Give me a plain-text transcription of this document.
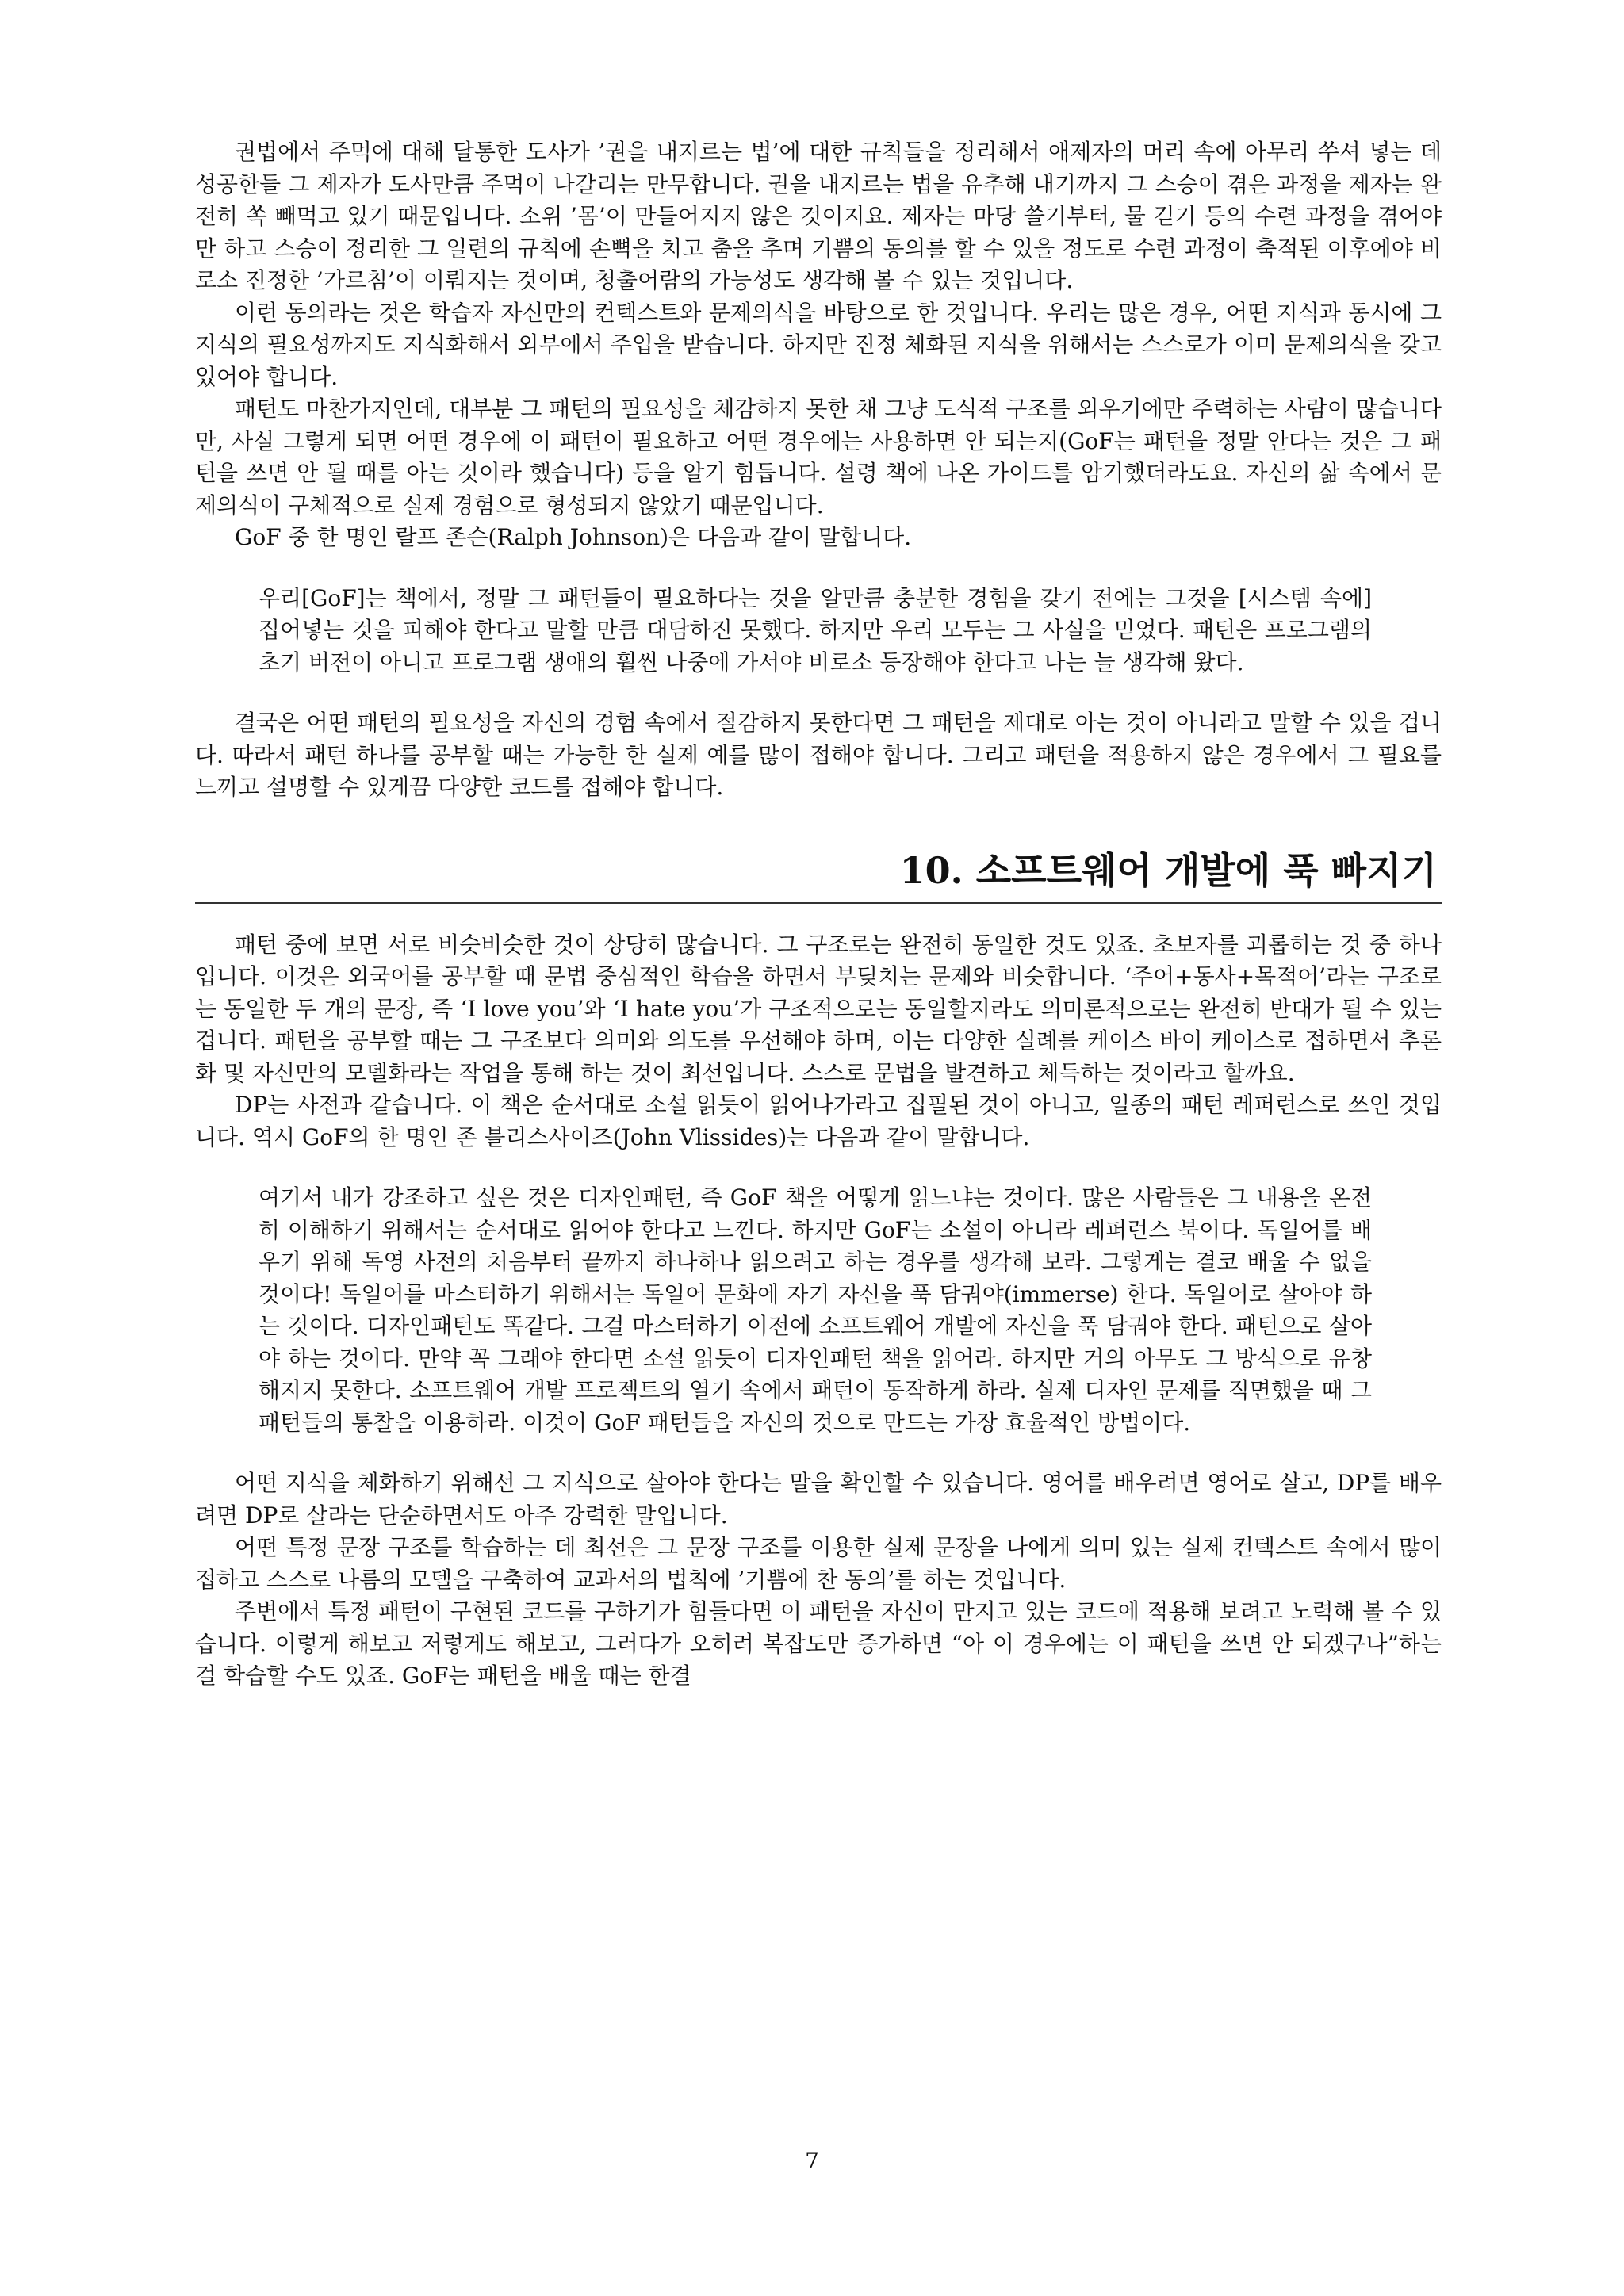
권법에서 주먹에 대해 달통한 도사가 ’권을 내지르는 법’에 대한 규칙들을 정리해서 애제자의 머리 속에 아무리 쑤셔 넣는 데 성공한들 그 제자가 도사만큼 주먹이 나갈리는 만무합니다. 권을 내지르는 법을 유추해 내기까지 그 스승이 겪은 과정을 제자는 완전히 쏙 빼먹고 있기 때문입니다. 소위 ’몸’이 만들어지지 않은 것이지요. 제자는 마당 쓸기부터, 물 긷기 등의 수련 과정을 겪어야만 하고 스승이 정리한 그 일련의 규칙에 손뼉을 치고 춤을 추며 기쁨의 동의를 할 수 있을 정도로 수련 과정이 축적된 이후에야 비로소 진정한 ’가르침’이 이뤄지는 것이며, 청출어람의 가능성도 생각해 볼 수 있는 것입니다.

이런 동의라는 것은 학습자 자신만의 컨텍스트와 문제의식을 바탕으로 한 것입니다. 우리는 많은 경우, 어떤 지식과 동시에 그 지식의 필요성까지도 지식화해서 외부에서 주입을 받습니다. 하지만 진정 체화된 지식을 위해서는 스스로가 이미 문제의식을 갖고 있어야 합니다.

패턴도 마찬가지인데, 대부분 그 패턴의 필요성을 체감하지 못한 채 그냥 도식적 구조를 외우기에만 주력하는 사람이 많습니다만, 사실 그렇게 되면 어떤 경우에 이 패턴이 필요하고 어떤 경우에는 사용하면 안 되는지(GoF는 패턴을 정말 안다는 것은 그 패턴을 쓰면 안 될 때를 아는 것이라 했습니다) 등을 알기 힘듭니다. 설령 책에 나온 가이드를 암기했더라도요. 자신의 삶 속에서 문제의식이 구체적으로 실제 경험으로 형성되지 않았기 때문입니다.

GoF 중 한 명인 랄프 존슨(Ralph Johnson)은 다음과 같이 말합니다.

우리[GoF]는 책에서, 정말 그 패턴들이 필요하다는 것을 알만큼 충분한 경험을 갖기 전에는 그것을 [시스템 속에] 집어넣는 것을 피해야 한다고 말할 만큼 대담하진 못했다. 하지만 우리 모두는 그 사실을 믿었다. 패턴은 프로그램의 초기 버전이 아니고 프로그램 생애의 훨씬 나중에 가서야 비로소 등장해야 한다고 나는 늘 생각해 왔다.

결국은 어떤 패턴의 필요성을 자신의 경험 속에서 절감하지 못한다면 그 패턴을 제대로 아는 것이 아니라고 말할 수 있을 겁니다. 따라서 패턴 하나를 공부할 때는 가능한 한 실제 예를 많이 접해야 합니다. 그리고 패턴을 적용하지 않은 경우에서 그 필요를 느끼고 설명할 수 있게끔 다양한 코드를 접해야 합니다.

10. 소프트웨어 개발에 푹 빠지기

패턴 중에 보면 서로 비슷비슷한 것이 상당히 많습니다. 그 구조로는 완전히 동일한 것도 있죠. 초보자를 괴롭히는 것 중 하나입니다. 이것은 외국어를 공부할 때 문법 중심적인 학습을 하면서 부딪치는 문제와 비슷합니다. ‘주어+동사+목적어’라는 구조로는 동일한 두 개의 문장, 즉 ‘I love you’와 ‘I hate you’가 구조적으로는 동일할지라도 의미론적으로는 완전히 반대가 될 수 있는 겁니다. 패턴을 공부할 때는 그 구조보다 의미와 의도를 우선해야 하며, 이는 다양한 실례를 케이스 바이 케이스로 접하면서 추론화 및 자신만의 모델화라는 작업을 통해 하는 것이 최선입니다. 스스로 문법을 발견하고 체득하는 것이라고 할까요.

DP는 사전과 같습니다. 이 책은 순서대로 소설 읽듯이 읽어나가라고 집필된 것이 아니고, 일종의 패턴 레퍼런스로 쓰인 것입니다. 역시 GoF의 한 명인 존 블리스사이즈(John Vlissides)는 다음과 같이 말합니다.

여기서 내가 강조하고 싶은 것은 디자인패턴, 즉 GoF 책을 어떻게 읽느냐는 것이다. 많은 사람들은 그 내용을 온전히 이해하기 위해서는 순서대로 읽어야 한다고 느낀다. 하지만 GoF는 소설이 아니라 레퍼런스 북이다. 독일어를 배우기 위해 독영 사전의 처음부터 끝까지 하나하나 읽으려고 하는 경우를 생각해 보라. 그렇게는 결코 배울 수 없을 것이다! 독일어를 마스터하기 위해서는 독일어 문화에 자기 자신을 푹 담궈야(immerse) 한다. 독일어로 살아야 하는 것이다. 디자인패턴도 똑같다. 그걸 마스터하기 이전에 소프트웨어 개발에 자신을 푹 담궈야 한다. 패턴으로 살아야 하는 것이다. 만약 꼭 그래야 한다면 소설 읽듯이 디자인패턴 책을 읽어라. 하지만 거의 아무도 그 방식으로 유창해지지 못한다. 소프트웨어 개발 프로젝트의 열기 속에서 패턴이 동작하게 하라. 실제 디자인 문제를 직면했을 때 그 패턴들의 통찰을 이용하라. 이것이 GoF 패턴들을 자신의 것으로 만드는 가장 효율적인 방법이다.

어떤 지식을 체화하기 위해선 그 지식으로 살아야 한다는 말을 확인할 수 있습니다. 영어를 배우려면 영어로 살고, DP를 배우려면 DP로 살라는 단순하면서도 아주 강력한 말입니다.

어떤 특정 문장 구조를 학습하는 데 최선은 그 문장 구조를 이용한 실제 문장을 나에게 의미 있는 실제 컨텍스트 속에서 많이 접하고 스스로 나름의 모델을 구축하여 교과서의 법칙에 ’기쁨에 찬 동의’를 하는 것입니다.

주변에서 특정 패턴이 구현된 코드를 구하기가 힘들다면 이 패턴을 자신이 만지고 있는 코드에 적용해 보려고 노력해 볼 수 있습니다. 이렇게 해보고 저렇게도 해보고, 그러다가 오히려 복잡도만 증가하면 “아 이 경우에는 이 패턴을 쓰면 안 되겠구나”하는 걸 학습할 수도 있죠. GoF는 패턴을 배울 때는 한결

7
